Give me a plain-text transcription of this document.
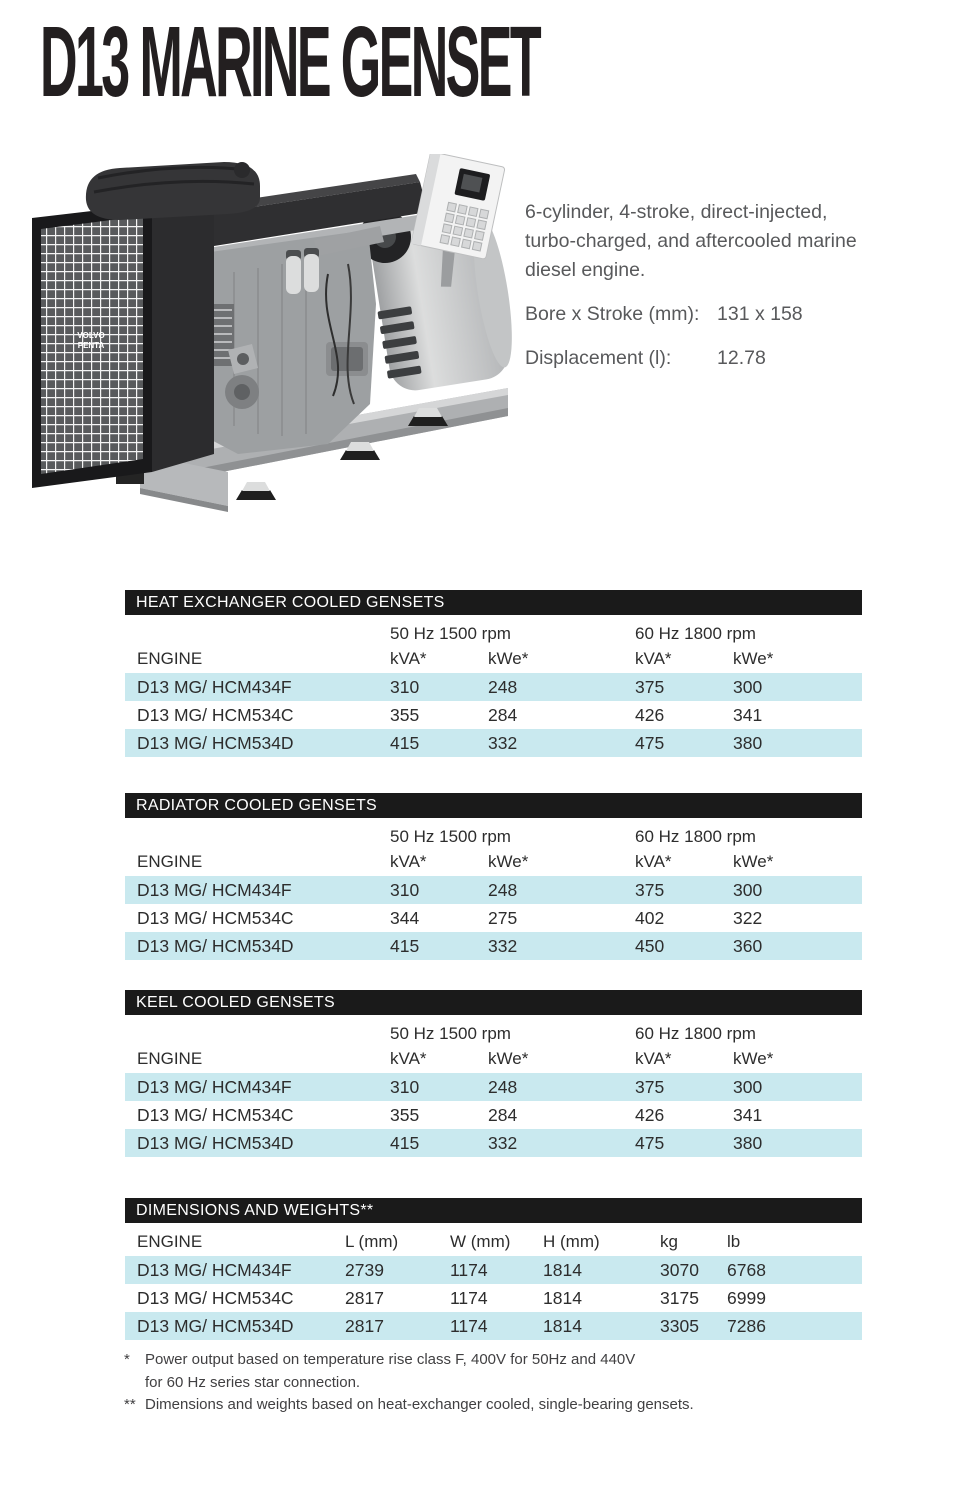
D13 MARINE GENSET
VOLVO
PENTA
6-cylinder, 4-stroke, direct-injected, turbo-charged, and aftercooled marine diesel engine.
Bore x Stroke (mm): 131 x 158
Displacement (l):	12.78
HEAT EXCHANGER COOLED GENSETS
50 Hz 1500 rpm	60 Hz 1800 rpm
ENGINE	kVA*	kWe*	kVA*	kWe*
D13 MG/ HCM434F	310	248	375	300
D13 MG/ HCM534C	355	284	426	341
D13 MG/ HCM534D	415	332	475	380
RADIATOR COOLED GENSETS
50 Hz 1500 rpm	60 Hz 1800 rpm
ENGINE	kVA*	kWe*	kVA*	kWe*
D13 MG/ HCM434F	310	248	375	300
D13 MG/ HCM534C	344	275	402	322
D13 MG/ HCM534D	415	332	450	360
KEEL COOLED GENSETS
50 Hz 1500 rpm	60 Hz 1800 rpm
ENGINE	kVA*	kWe*	kVA*	kWe*
D13 MG/ HCM434F	310	248	375	300
D13 MG/ HCM534C	355	284	426	341
D13 MG/ HCM534D	415	332	475	380
DIMENSIONS AND WEIGHTS**
ENGINE	L (mm)	W (mm)	H (mm)	kg	lb
D13 MG/ HCM434F	2739	1174	1814	3070	6768
D13 MG/ HCM534C	2817	1174	1814	3175	6999
D13 MG/ HCM534D	2817	1174	1814	3305	7286
*	Power output based on temperature rise class F, 400V for 50Hz and 440V
for 60 Hz series star connection.
** Dimensions and weights based on heat-exchanger cooled, single-bearing gensets.
